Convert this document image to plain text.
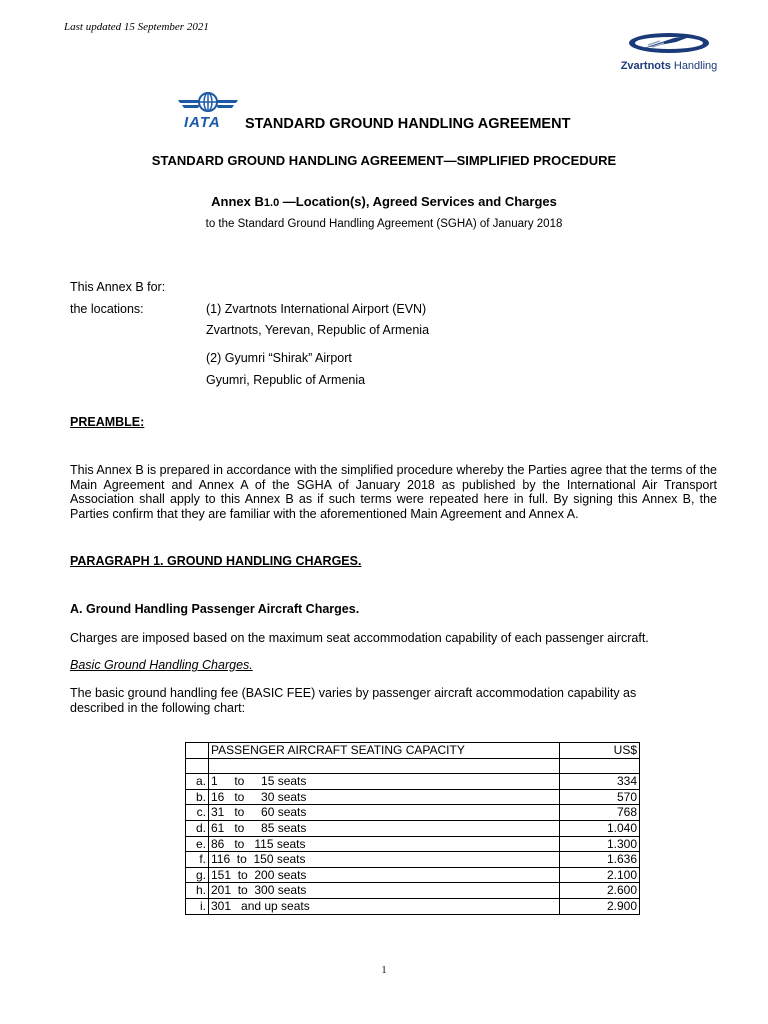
Last updated 15 September 2021
Zvartnots Handling
IATA STANDARD GROUND HANDLING AGREEMENT
STANDARD GROUND HANDLING AGREEMENT—SIMPLIFIED PROCEDURE
Annex B1.0 —Location(s), Agreed Services and Charges
to the Standard Ground Handling Agreement (SGHA) of January 2018
This Annex B for:
the locations:	(1) Zvartnots International Airport (EVN)
Zvartnots, Yerevan, Republic of Armenia
(2) Gyumri “Shirak” Airport
Gyumri, Republic of Armenia
PREAMBLE:
This Annex B is prepared in accordance with the simplified procedure whereby the Parties agree that the terms of the Main Agreement and Annex A of the SGHA of January 2018 as published by the International Air Transport Association shall apply to this Annex B as if such terms were repeated here in full. By signing this Annex B, the Parties confirm that they are familiar with the aforementioned Main Agreement and Annex A.
PARAGRAPH 1. GROUND HANDLING CHARGES.
A. Ground Handling Passenger Aircraft Charges.
Charges are imposed based on the maximum seat accommodation capability of each passenger aircraft.
Basic Ground Handling Charges.
The basic ground handling fee (BASIC FEE) varies by passenger aircraft accommodation capability as described in the following chart:
	PASSENGER AIRCRAFT SEATING CAPACITY	US$

a.	1     to     15 seats	334
b.	16   to     30 seats	570
c.	31   to     60 seats	768
d.	61   to     85 seats	1.040
e.	86   to   115 seats	1.300
f.	116  to  150 seats	1.636
g.	151  to  200 seats	2.100
h.	201  to  300 seats	2.600
i.	301   and up seats	2.900
1
